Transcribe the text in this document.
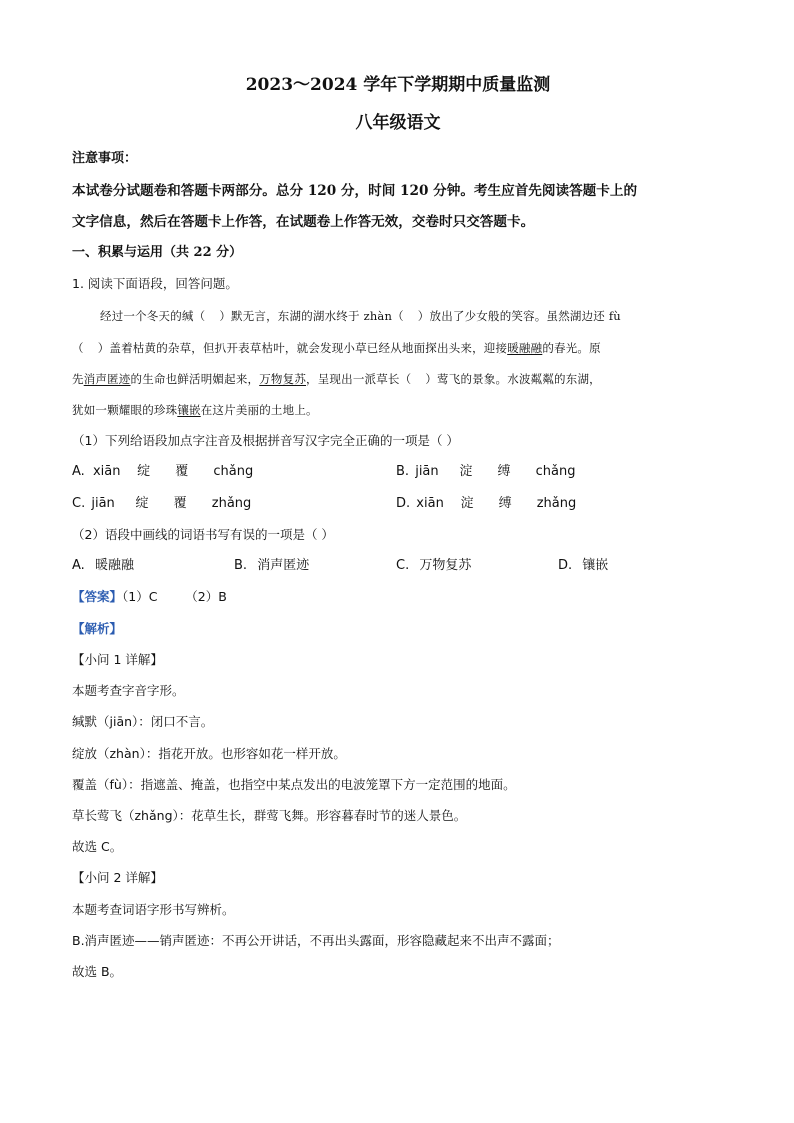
2023～2024 学年下学期期中质量监测
八年级语文
注意事项：
本试卷分试题卷和答题卡两部分。总分 120 分，时间 120 分钟。考生应首先阅读答题卡上的
文字信息，然后在答题卡上作答，在试题卷上作答无效，交卷时只交答题卡。
一、积累与运用（共 22 分）
1. 阅读下面语段，回答问题。
经过一个冬天的缄（ ）默无言，东湖的湖水终于 zhàn（ ）放出了少女般的笑容。虽然湖边还 fù
（ ）盖着枯黄的杂草，但扒开表草枯叶，就会发现小草已经从地面探出头来，迎接暖融融的春光。原
先消声匿迹的生命也鲜活明媚起来，万物复苏，呈现出一派草长（ ）莺飞的景象。水波粼粼的东湖，
犹如一颗耀眼的珍珠镶嵌在这片美丽的土地上。
（1）下列给语段加点字注音及根据拼音写汉字完全正确的一项是（ ）
A. xiān 绽 覆 chǎng	B. jiān 淀 缚 chǎng
C. jiān 绽 覆 zhǎng	D. xiān 淀 缚 zhǎng
（2）语段中画线的词语书写有误的一项是（ ）
A. 暖融融	B. 消声匿迹	C. 万物复苏	D. 镶嵌
【答案】（1）C       （2）B
【解析】
【小问 1 详解】
本题考查字音字形。
缄默（jiān）：闭口不言。
绽放（zhàn）：指花开放。也形容如花一样开放。
覆盖（fù）：指遮盖、掩盖，也指空中某点发出的电波笼罩下方一定范围的地面。
草长莺飞（zhǎng）：花草生长，群莺飞舞。形容暮春时节的迷人景色。
故选 C。
【小问 2 详解】
本题考查词语字形书写辨析。
B.消声匿迹——销声匿迹：不再公开讲话，不再出头露面，形容隐藏起来不出声不露面；
故选 B。
